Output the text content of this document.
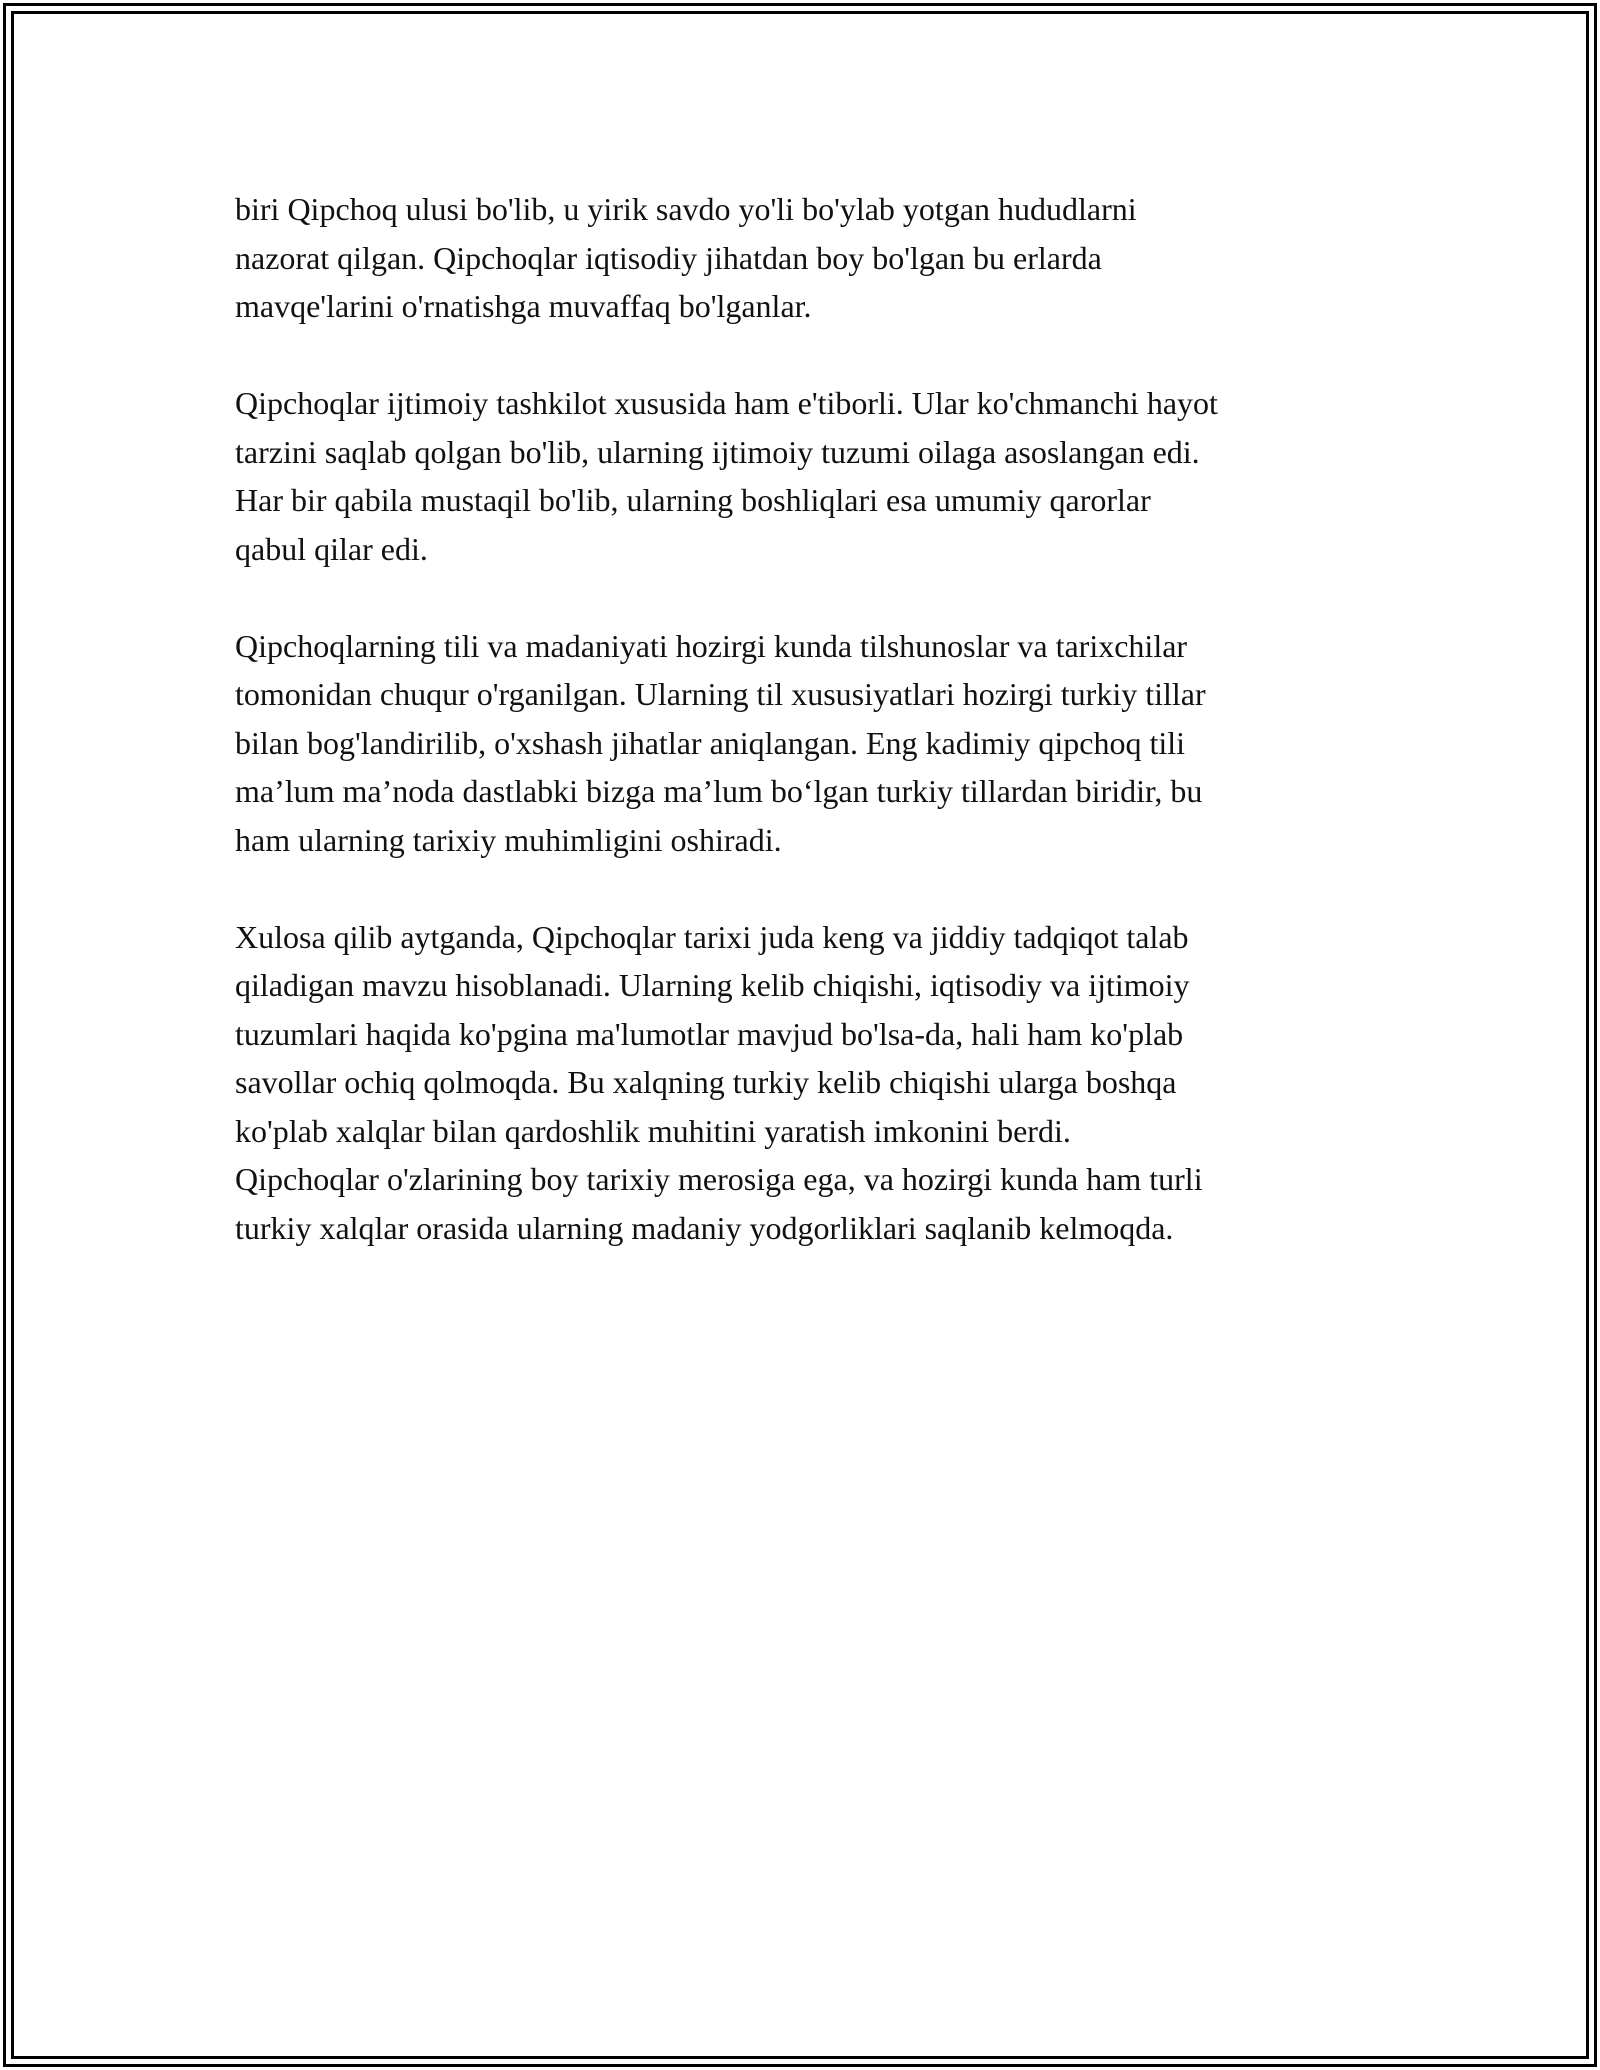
biri Qipchoq ulusi bo'lib, u yirik savdo yo'li bo'ylab yotgan hududlarni
nazorat qilgan. Qipchoqlar iqtisodiy jihatdan boy bo'lgan bu erlarda
mavqe'larini o'rnatishga muvaffaq bo'lganlar.

Qipchoqlar ijtimoiy tashkilot xususida ham e'tiborli. Ular ko'chmanchi hayot
tarzini saqlab qolgan bo'lib, ularning ijtimoiy tuzumi oilaga asoslangan edi.
Har bir qabila mustaqil bo'lib, ularning boshliqlari esa umumiy qarorlar
qabul qilar edi.

Qipchoqlarning tili va madaniyati hozirgi kunda tilshunoslar va tarixchilar
tomonidan chuqur o'rganilgan. Ularning til xususiyatlari hozirgi turkiy tillar
bilan bog'landirilib, o'xshash jihatlar aniqlangan. Eng kadimiy qipchoq tili
ma’lum ma’noda dastlabki bizga ma’lum bo‘lgan turkiy tillardan biridir, bu
ham ularning tarixiy muhimligini oshiradi.

Xulosa qilib aytganda, Qipchoqlar tarixi juda keng va jiddiy tadqiqot talab
qiladigan mavzu hisoblanadi. Ularning kelib chiqishi, iqtisodiy va ijtimoiy
tuzumlari haqida ko'pgina ma'lumotlar mavjud bo'lsa-da, hali ham ko'plab
savollar ochiq qolmoqda. Bu xalqning turkiy kelib chiqishi ularga boshqa
ko'plab xalqlar bilan qardoshlik muhitini yaratish imkonini berdi.
Qipchoqlar o'zlarining boy tarixiy merosiga ega, va hozirgi kunda ham turli
turkiy xalqlar orasida ularning madaniy yodgorliklari saqlanib kelmoqda.
